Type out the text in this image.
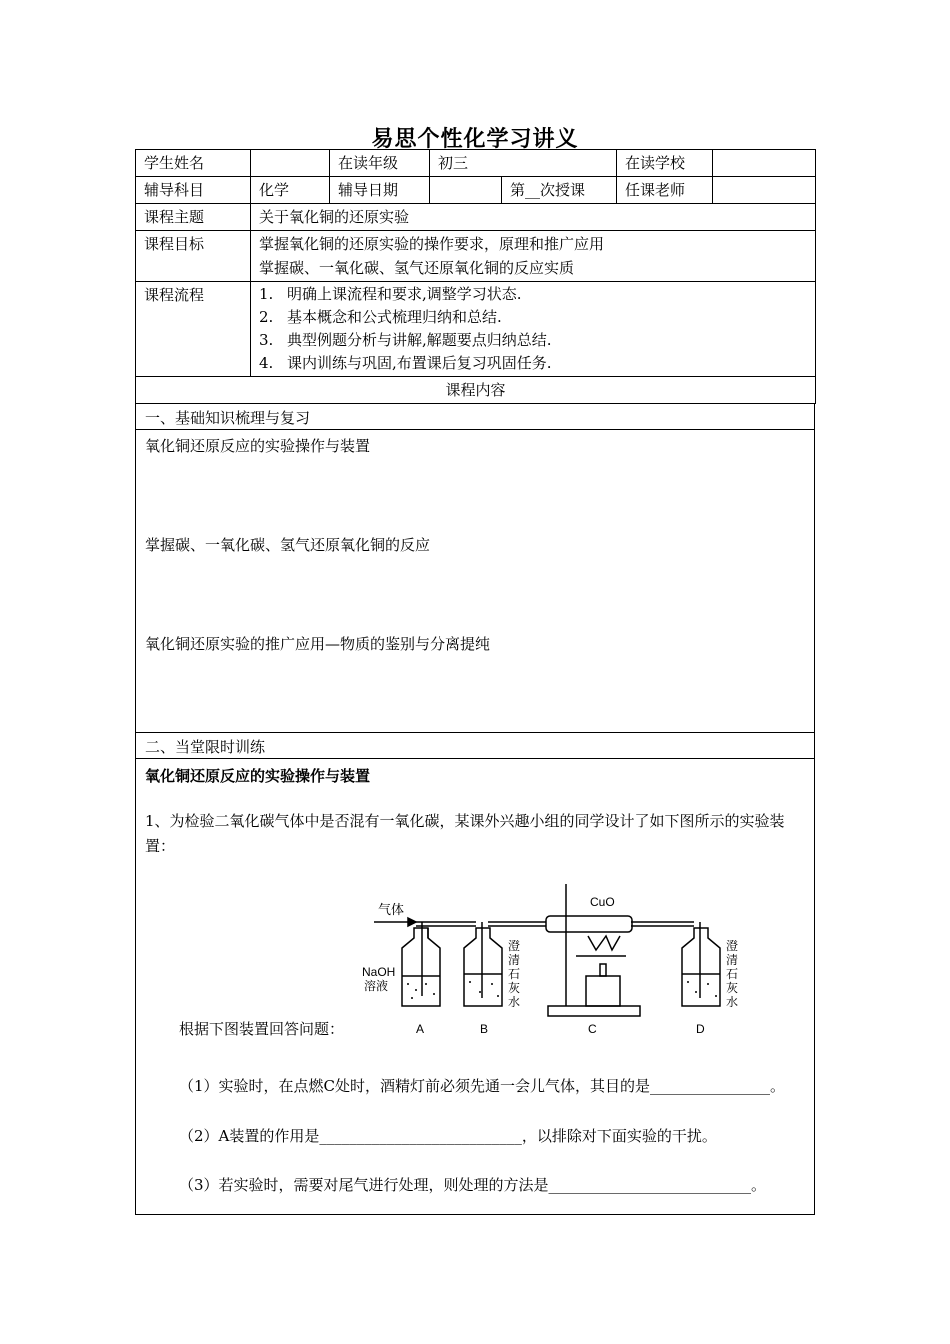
易思个性化学习讲义
学生姓名		在读年级	初三		在读学校	
辅导科目	化学	辅导日期		第__次授课	任课老师	
课程主题	关于氧化铜的还原实验					
课程目标	掌握氧化铜的还原实验的操作要求，原理和推广应用
掌握碳、一氧化碳、氢气还原氧化铜的反应实质					

课程流程	1. 明确上课流程和要求,调整学习状态.
2. 基本概念和公式梳理归纳和总结.
3. 典型例题分析与讲解,解题要点归纳总结.
4. 课内训练与巩固,布置课后复习巩固任务.					

课程内容						
一、基础知识梳理与复习
氧化铜还原反应的实验操作与装置
掌握碳、一氧化碳、氢气还原氧化铜的反应
氧化铜还原实验的推广应用—物质的鉴别与分离提纯
二、当堂限时训练
氧化铜还原反应的实验操作与装置
1、为检验二氧化碳气体中是否混有一氧化碳，某课外兴趣小组的同学设计了如下图所示的实验装置：
气体	CuO
NaOH
溶液
澄
清
石
灰
水
澄
清
石
灰
水
A	B	C	D
根据下图装置回答问题：
（1）实验时，在点燃C处时，酒精灯前必须先通一会儿气体，其目的是________________。
（2）A装置的作用是___________________________，以排除对下面实验的干扰。
（3）若实验时，需要对尾气进行处理，则处理的方法是___________________________。
